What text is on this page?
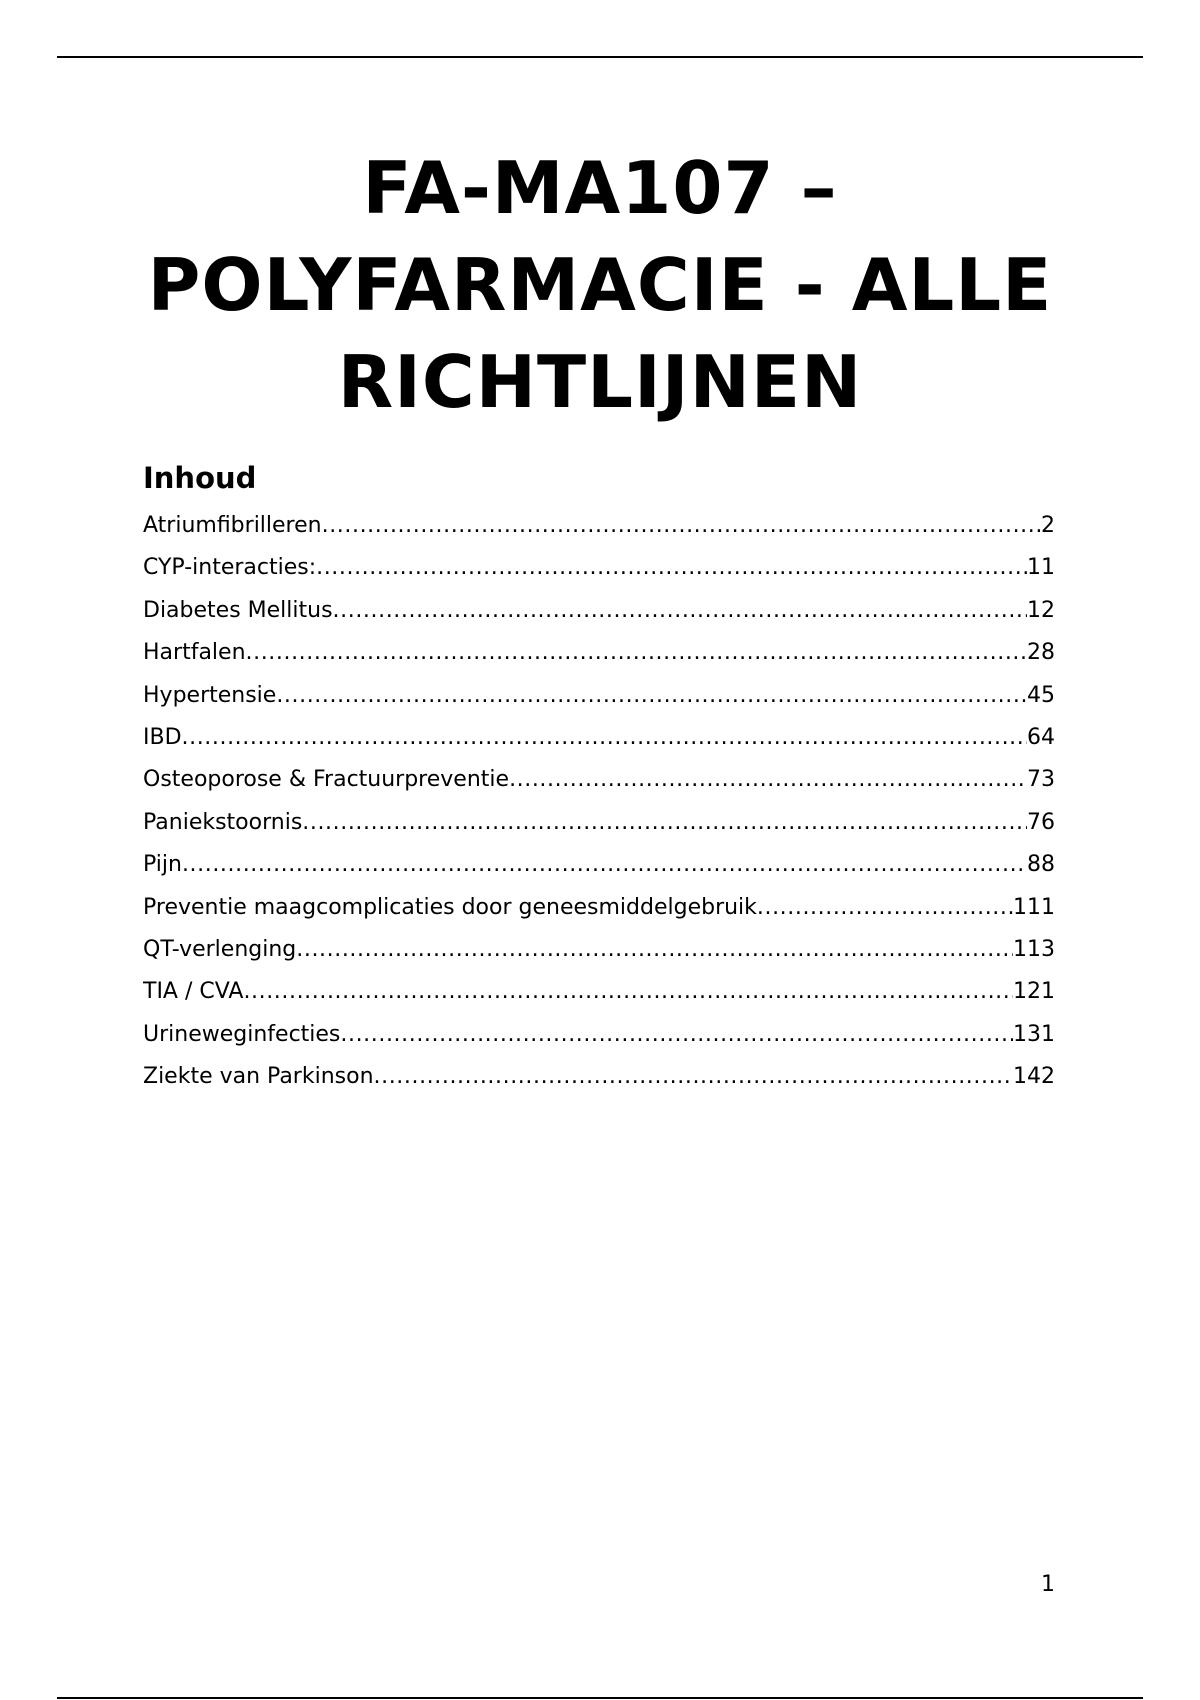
FA-MA107 – POLYFARMACIE - ALLE RICHTLIJNEN
Inhoud
Atriumfibrilleren .....	2
CYP-interacties: .....	11
Diabetes Mellitus .....	12
Hartfalen .....	28
Hypertensie .....	45
IBD .....	64
Osteoporose & Fractuurpreventie .....	73
Paniekstoornis .....	76
Pijn .....	88
Preventie maagcomplicaties door geneesmiddelgebruik .....	111
QT-verlenging .....	113
TIA / CVA .....	121
Urineweginfecties .....	131
Ziekte van Parkinson .....	142

1
